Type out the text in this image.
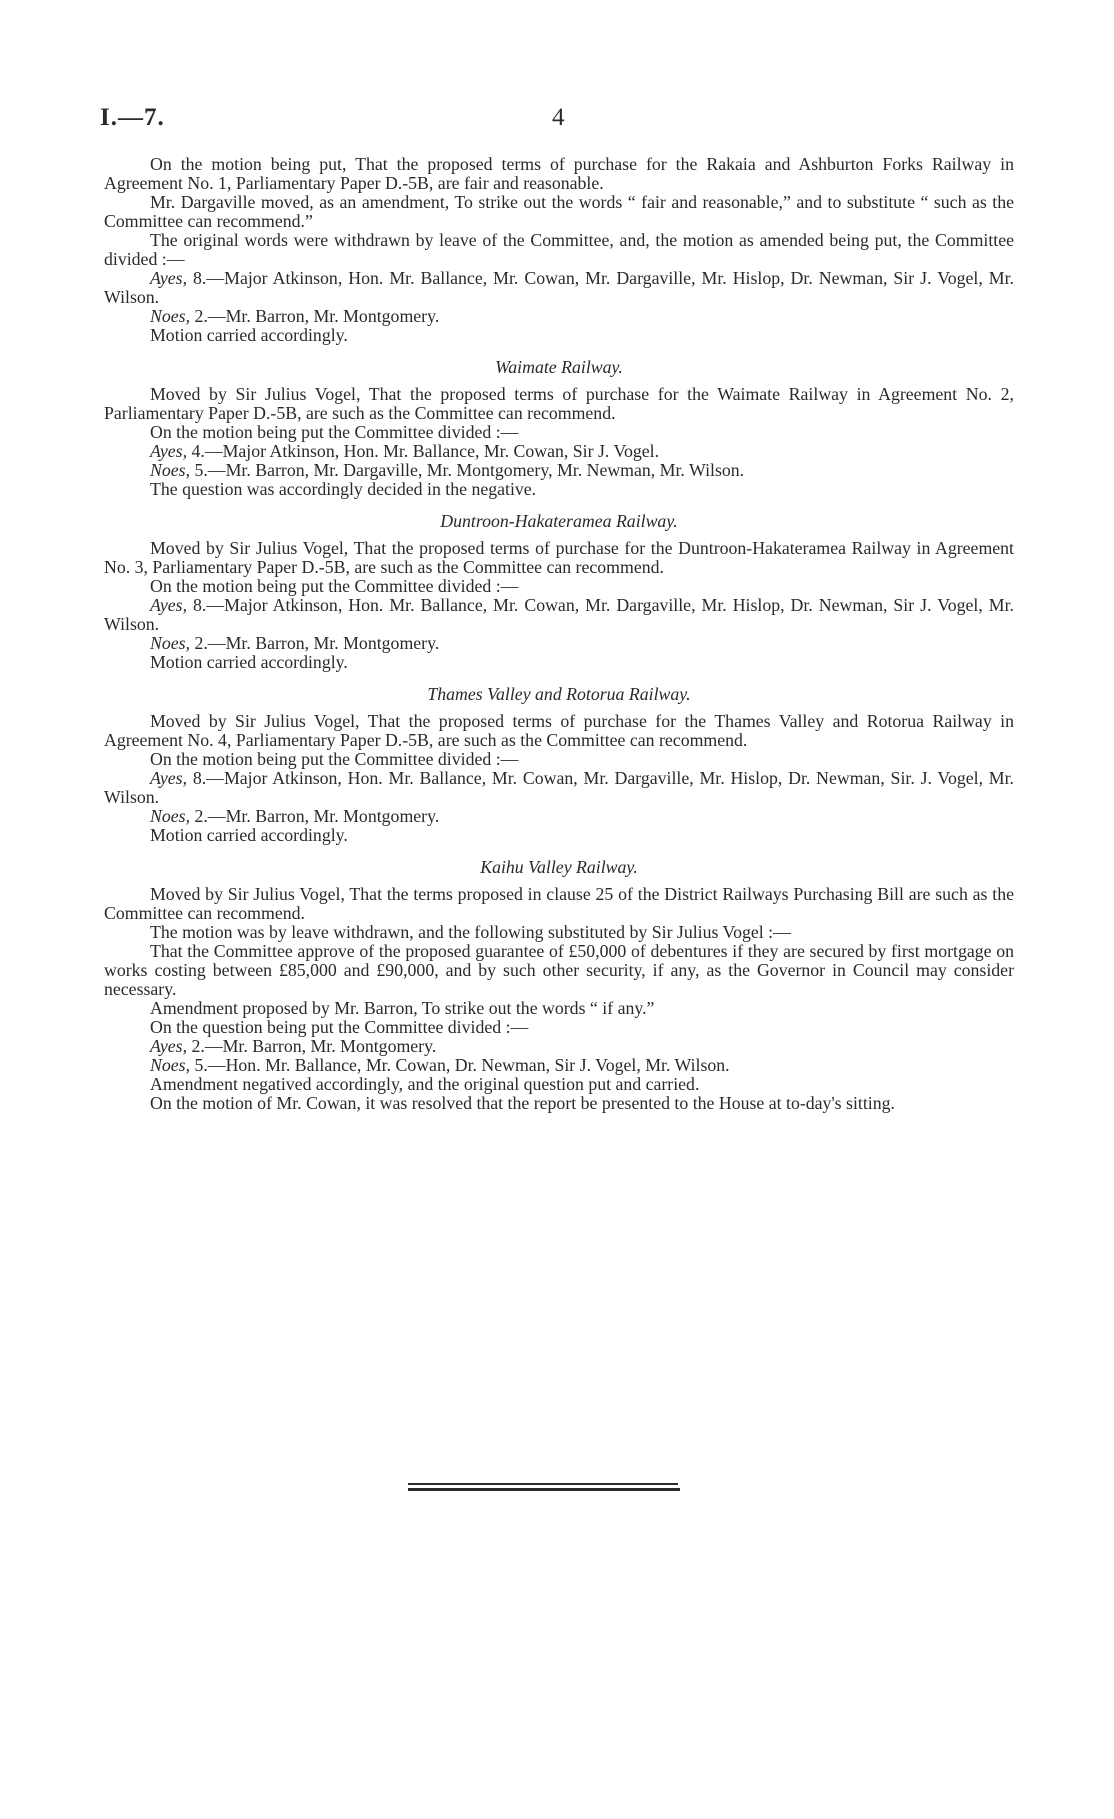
I.—7.	4

On the motion being put, That the proposed terms of purchase for the Rakaia and Ashburton Forks Railway in Agreement No. 1, Parliamentary Paper D.-5B, are fair and reasonable.

Mr. Dargaville moved, as an amendment, To strike out the words “ fair and reasonable,” and to substitute “ such as the Committee can recommend.”

The original words were withdrawn by leave of the Committee, and, the motion as amended being put, the Committee divided :—

Ayes, 8.—Major Atkinson, Hon. Mr. Ballance, Mr. Cowan, Mr. Dargaville, Mr. Hislop, Dr. Newman, Sir J. Vogel, Mr. Wilson.

Noes, 2.—Mr. Barron, Mr. Montgomery.

Motion carried accordingly.

Waimate Railway.

Moved by Sir Julius Vogel, That the proposed terms of purchase for the Waimate Railway in Agreement No. 2, Parliamentary Paper D.-5B, are such as the Committee can recommend.

On the motion being put the Committee divided :—

Ayes, 4.—Major Atkinson, Hon. Mr. Ballance, Mr. Cowan, Sir J. Vogel.

Noes, 5.—Mr. Barron, Mr. Dargaville, Mr. Montgomery, Mr. Newman, Mr. Wilson.

The question was accordingly decided in the negative.

Duntroon-Hakateramea Railway.

Moved by Sir Julius Vogel, That the proposed terms of purchase for the Duntroon-Hakateramea Railway in Agreement No. 3, Parliamentary Paper D.-5B, are such as the Committee can recommend.

On the motion being put the Committee divided :—

Ayes, 8.—Major Atkinson, Hon. Mr. Ballance, Mr. Cowan, Mr. Dargaville, Mr. Hislop, Dr. Newman, Sir J. Vogel, Mr. Wilson.

Noes, 2.—Mr. Barron, Mr. Montgomery.

Motion carried accordingly.

Thames Valley and Rotorua Railway.

Moved by Sir Julius Vogel, That the proposed terms of purchase for the Thames Valley and Rotorua Railway in Agreement No. 4, Parliamentary Paper D.-5B, are such as the Committee can recommend.

On the motion being put the Committee divided :—

Ayes, 8.—Major Atkinson, Hon. Mr. Ballance, Mr. Cowan, Mr. Dargaville, Mr. Hislop, Dr. Newman, Sir. J. Vogel, Mr. Wilson.

Noes, 2.—Mr. Barron, Mr. Montgomery.

Motion carried accordingly.

Kaihu Valley Railway.

Moved by Sir Julius Vogel, That the terms proposed in clause 25 of the District Railways Purchasing Bill are such as the Committee can recommend.

The motion was by leave withdrawn, and the following substituted by Sir Julius Vogel :—

That the Committee approve of the proposed guarantee of £50,000 of debentures if they are secured by first mortgage on works costing between £85,000 and £90,000, and by such other security, if any, as the Governor in Council may consider necessary.

Amendment proposed by Mr. Barron, To strike out the words “ if any.”

On the question being put the Committee divided :—

Ayes, 2.—Mr. Barron, Mr. Montgomery.

Noes, 5.—Hon. Mr. Ballance, Mr. Cowan, Dr. Newman, Sir J. Vogel, Mr. Wilson.

Amendment negatived accordingly, and the original question put and carried.

On the motion of Mr. Cowan, it was resolved that the report be presented to the House at to-day's sitting.
